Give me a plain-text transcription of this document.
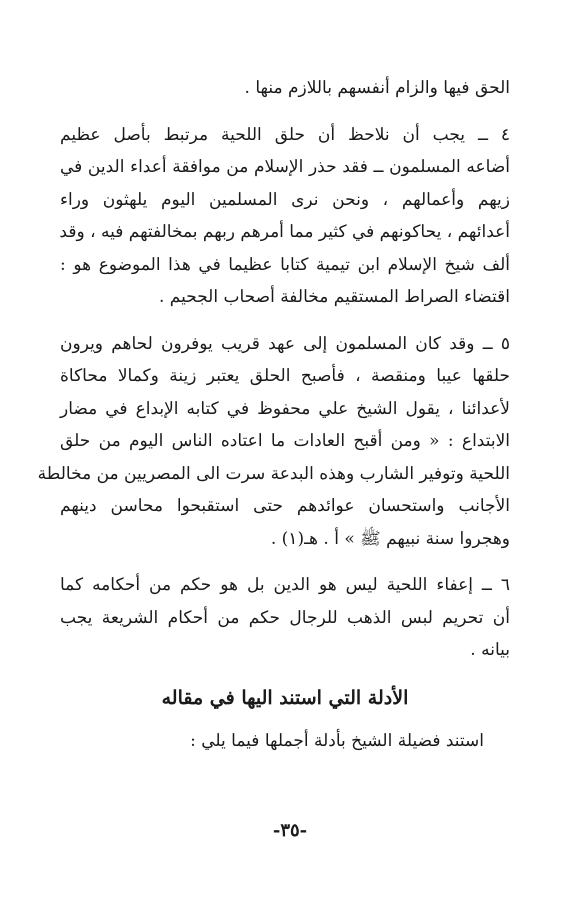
الحق فيها والزام أنفسهم باللازم منها .
٤ ــ يجب أن نلاحظ أن حلق اللحية مرتبط بأصل عظيم
أضاعه المسلمون ــ فقد حذر الإسلام من موافقة أعداء الدين في
زيهم وأعمالهم ، ونحن نرى المسلمين اليوم يلهثون وراء
أعدائهم ، يحاكونهم في كثير مما أمرهم ربهم بمخالفتهم فيه ، وقد
ألف شيخ الإسلام ابن تيمية كتابا عظيما في هذا الموضوع هو :
اقتضاء الصراط المستقيم مخالفة أصحاب الجحيم .
٥ ــ وقد كان المسلمون إلى عهد قريب يوفرون لحاهم ويرون
حلقها عيبا ومنقصة ، فأصبح الحلق يعتبر زينة وكمالا محاكاة
لأعدائنا ، يقول الشيخ علي محفوظ في كتابه الإبداع في مضار
الابتداع : « ومن أقبح العادات ما اعتاده الناس اليوم من حلق
اللحية وتوفير الشارب وهذه البدعة سرت الى المصريين من مخالطة
الأجانب واستحسان عوائدهم حتى استقبحوا محاسن دينهم
وهجروا سنة نبيهم ﷺ » أ . هـ(١) .
٦ ــ إعفاء اللحية ليس هو الدين بل هو حكم من أحكامه كما
أن تحريم لبس الذهب للرجال حكم من أحكام الشريعة يجب
بيانه .
الأدلة التي استند اليها في مقاله
استند فضيلة الشيخ بأدلة أجملها فيما يلي :
-٣٥-
